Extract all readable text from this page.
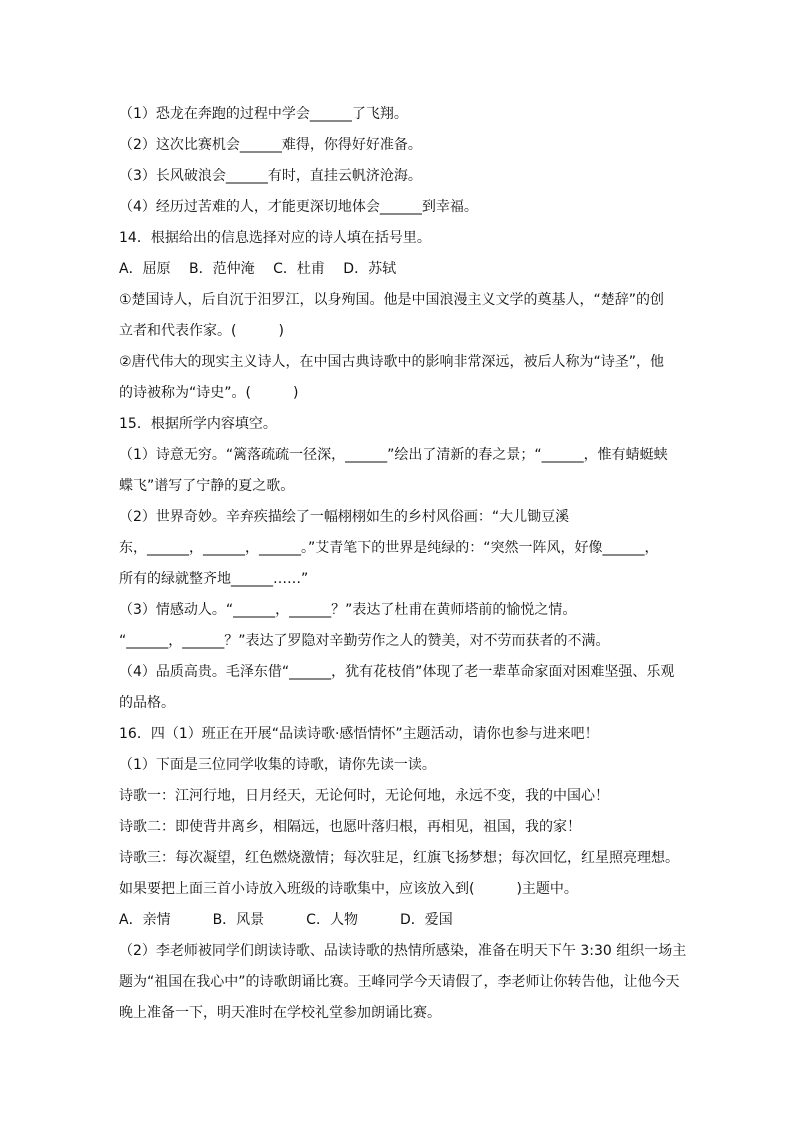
（1）恐龙在奔跑的过程中学会______了飞翔。
（2）这次比赛机会______难得，你得好好准备。
（3）长风破浪会______有时，直挂云帆济沧海。
（4）经历过苦难的人，才能更深切地体会______到幸福。
14．根据给出的信息选择对应的诗人填在括号里。
A．屈原　 B．范仲淹　 C．杜甫　 D．苏轼
①楚国诗人，后自沉于汨罗江，以身殉国。他是中国浪漫主义文学的奠基人，“楚辞”的创
立者和代表作家。(　　　)
②唐代伟大的现实主义诗人，在中国古典诗歌中的影响非常深远，被后人称为“诗圣”，他
的诗被称为“诗史”。(　　　)
15．根据所学内容填空。
（1）诗意无穷。“篱落疏疏一径深，______”绘出了清新的春之景；“______，惟有蜻蜓蛱
蝶飞”谱写了宁静的夏之歌。
（2）世界奇妙。辛弃疾描绘了一幅栩栩如生的乡村风俗画：“大儿锄豆溪
东，______，______，______。”艾青笔下的世界是纯绿的：“突然一阵风，好像______，
所有的绿就整齐地______……”
（3）情感动人。“______，______？”表达了杜甫在黄师塔前的愉悦之情。
“______，______？”表达了罗隐对辛勤劳作之人的赞美，对不劳而获者的不满。
（4）品质高贵。毛泽东借“______，犹有花枝俏”体现了老一辈革命家面对困难坚强、乐观
的品格。
16．四（1）班正在开展“品读诗歌·感悟情怀”主题活动，请你也参与进来吧！
（1）下面是三位同学收集的诗歌，请你先读一读。
诗歌一：江河行地，日月经天，无论何时，无论何地，永远不变，我的中国心！
诗歌二：即使背井离乡，相隔远，也愿叶落归根，再相见，祖国，我的家！
诗歌三：每次凝望，红色燃烧激情；每次驻足，红旗飞扬梦想；每次回忆，红星照亮理想。
如果要把上面三首小诗放入班级的诗歌集中，应该放入到(　　　)主题中。
A．亲情　　　B．风景　　　C．人物　　　D．爱国
（2）李老师被同学们朗读诗歌、品读诗歌的热情所感染，准备在明天下午 3:30 组织一场主
题为“祖国在我心中”的诗歌朗诵比赛。王峰同学今天请假了，李老师让你转告他，让他今天
晚上准备一下，明天准时在学校礼堂参加朗诵比赛。
